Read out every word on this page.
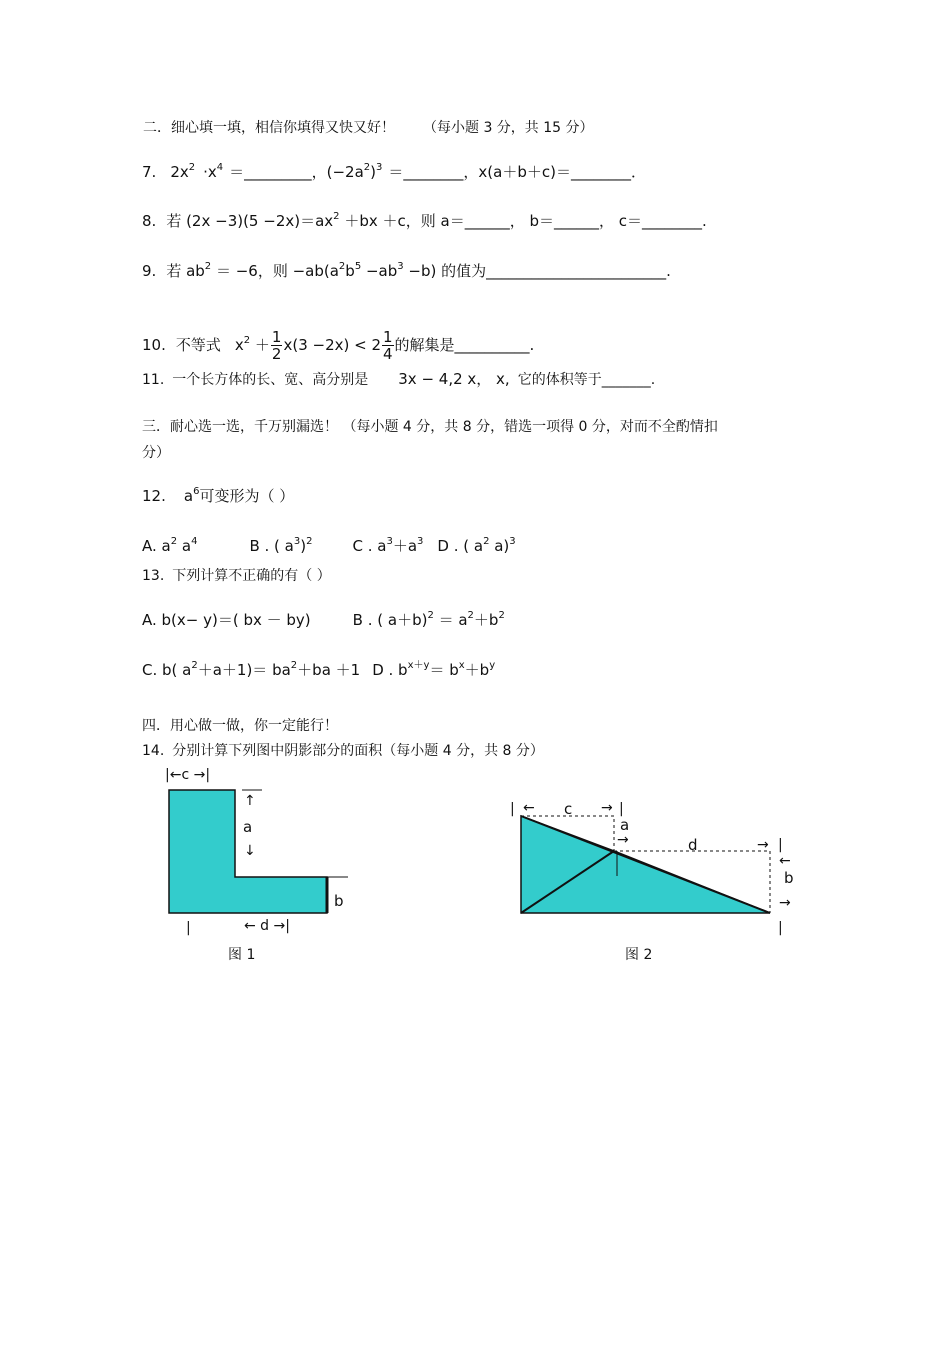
二．细心填一填，相信你填得又快又好！ （每小题 3 分，共 15 分）
7. $2x^2 \cdot x^4$ ＝_________，$(-2a^2)^3$ ＝________，x(a＋b＋c)＝________．
8. 若 $(2x -3)(5 -2x)=ax^2 +bx +c$，则 a＝______， b＝______， c＝________.
9. 若 $ab^2 = -6$，则 $-ab(a^2b^5 -ab^3 -b)$ 的值为________________________.
10. 不等式 $x^2 + \frac{1}{2} x(3 -2x) < 2 \frac{1}{4}$ 的解集是__________.
11. 一个长方体的长、宽、高分别是 3x − 4,2 x， x, 它的体积等于_______.
三．耐心选一选，千万别漏选！ （每小题 4 分，共 8 分，错选一项得 0 分，对而不全酌情扣
分）
12. $a^6$可变形为（ ）
A. $a^2$ $a^4$	B . ( $a^3)^2$	C . $a^3+a^3$ D . ( $a^2$ a)$^3$
13. 下列计算不正确的有（ ）
A. b(x− y)＝( bx － by)	B . ( $a+b)^2 = a^2+b^2$
C. b( $a^2+a+1)= ba^2+ba +1$ D . $b^{x+y}= b^x+b^y$
四．用心做一做，你一定能行！
14. 分别计算下列图中阴影部分的面积（每小题 4 分，共 8 分）
|←c →|
↑
a
↓
b
|	← d →|
图 1
| ← c → |
a
→	d	→ |
←
b
→
|
图 2
